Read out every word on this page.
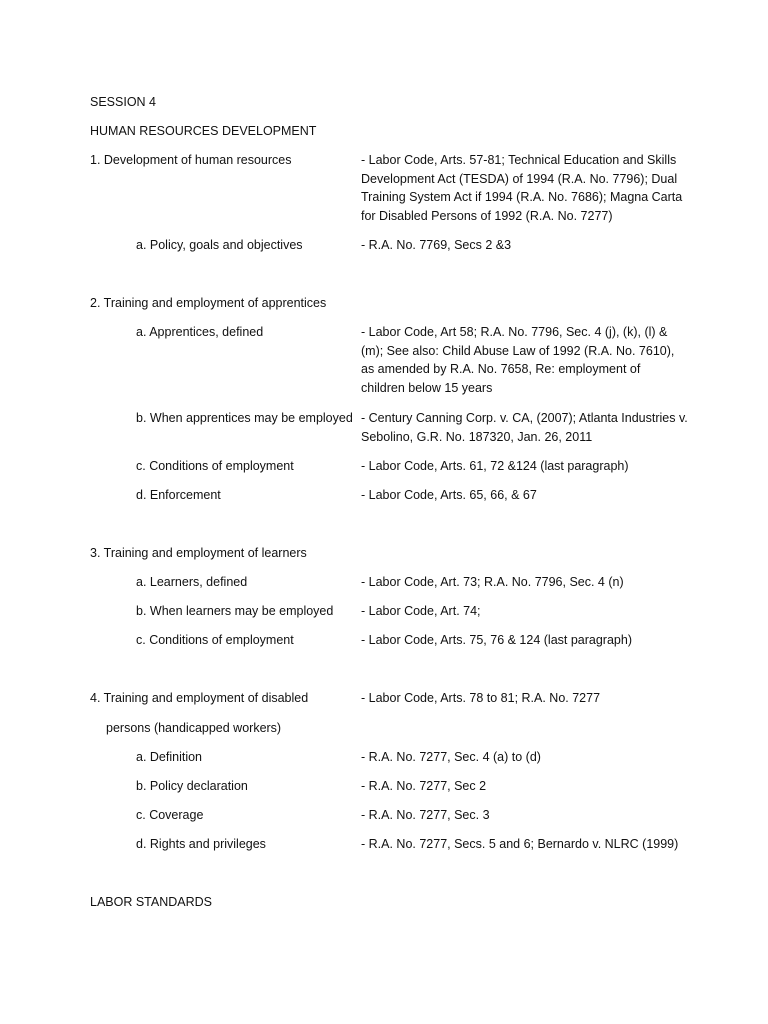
SESSION 4
HUMAN RESOURCES DEVELOPMENT
1. Development of human resources	- Labor Code, Arts. 57-81; Technical Education and Skills Development Act (TESDA) of 1994 (R.A. No. 7796); Dual Training System Act if 1994 (R.A. No. 7686); Magna Carta for Disabled Persons of 1992 (R.A. No. 7277)
a. Policy, goals and objectives	- R.A. No. 7769, Secs 2 &3
2. Training and employment of apprentices
a. Apprentices, defined	- Labor Code, Art 58; R.A. No. 7796, Sec. 4 (j), (k), (l) &(m); See also: Child Abuse Law of 1992 (R.A. No. 7610), as amended by R.A. No. 7658, Re: employment of children below 15 years
b. When apprentices may be employed - Century Canning Corp. v. CA, (2007); Atlanta Industries v. Sebolino, G.R. No. 187320, Jan. 26, 2011
c. Conditions of employment	- Labor Code, Arts. 61, 72 &124 (last paragraph)
d. Enforcement	- Labor Code, Arts. 65, 66, & 67
3. Training and employment of learners
a. Learners, defined	- Labor Code, Art. 73; R.A. No. 7796, Sec. 4 (n)
b. When learners may be employed - Labor Code, Art. 74;
c. Conditions of employment	- Labor Code, Arts. 75, 76 & 124 (last paragraph)
4. Training and employment of disabled	- Labor Code, Arts. 78 to 81; R.A. No. 7277
persons (handicapped workers)
a. Definition	- R.A. No. 7277, Sec. 4 (a) to (d)
b. Policy declaration	- R.A. No. 7277, Sec 2
c. Coverage	- R.A. No. 7277, Sec. 3
d. Rights and privileges	- R.A. No. 7277, Secs. 5 and 6; Bernardo v. NLRC (1999)
LABOR STANDARDS
